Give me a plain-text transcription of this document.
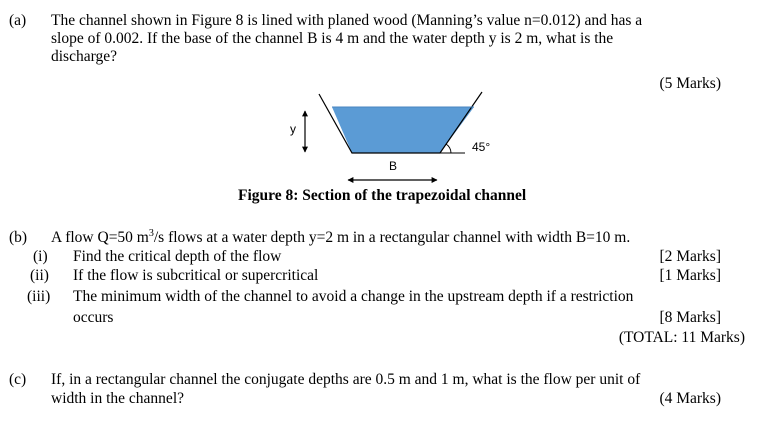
(a) The channel shown in Figure 8 is lined with planed wood (Manning’s value n=0.012) and has a
slope of 0.002. If the base of the channel B is 4 m and the water depth y is 2 m, what is the
discharge?
(5 Marks)
y
B
45°
Figure 8: Section of the trapezoidal channel
(b) A flow Q=50 $m^3/s$ flows at a water depth y=2 m in a rectangular channel with width B=10 m.
(i) Find the critical depth of the flow	[2 Marks]
(ii) If the flow is subcritical or supercritical	[1 Marks]
(iii) The minimum width of the channel to avoid a change in the upstream depth if a restriction
occurs	[8 Marks]
(TOTAL: 11 Marks)
(c) If, in a rectangular channel the conjugate depths are 0.5 m and 1 m, what is the flow per unit of
width in the channel?	(4 Marks)
